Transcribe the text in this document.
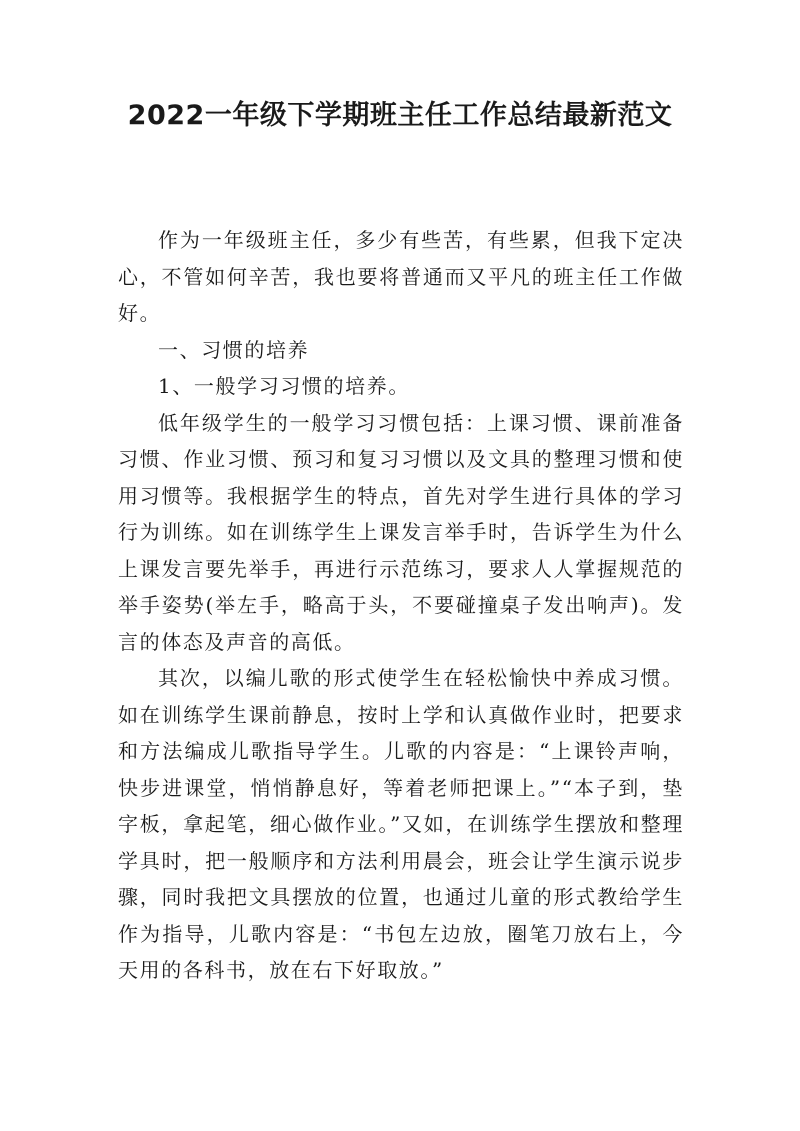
2022一年级下学期班主任工作总结最新范文

作为一年级班主任，多少有些苦，有些累，但我下定决心，不管如何辛苦，我也要将普通而又平凡的班主任工作做好。

一、习惯的培养

1、一般学习习惯的培养。

低年级学生的一般学习习惯包括：上课习惯、课前准备习惯、作业习惯、预习和复习习惯以及文具的整理习惯和使用习惯等。我根据学生的特点，首先对学生进行具体的学习行为训练。如在训练学生上课发言举手时，告诉学生为什么上课发言要先举手，再进行示范练习，要求人人掌握规范的举手姿势(举左手，略高于头，不要碰撞桌子发出响声)。发言的体态及声音的高低。

其次，以编儿歌的形式使学生在轻松愉快中养成习惯。如在训练学生课前静息，按时上学和认真做作业时，把要求和方法编成儿歌指导学生。儿歌的内容是：“上课铃声响，快步进课堂，悄悄静息好，等着老师把课上。”“本子到，垫字板，拿起笔，细心做作业。”又如，在训练学生摆放和整理学具时，把一般顺序和方法利用晨会，班会让学生演示说步骤，同时我把文具摆放的位置，也通过儿童的形式教给学生作为指导，儿歌内容是：“书包左边放，圈笔刀放右上，今天用的各科书，放在右下好取放。”
